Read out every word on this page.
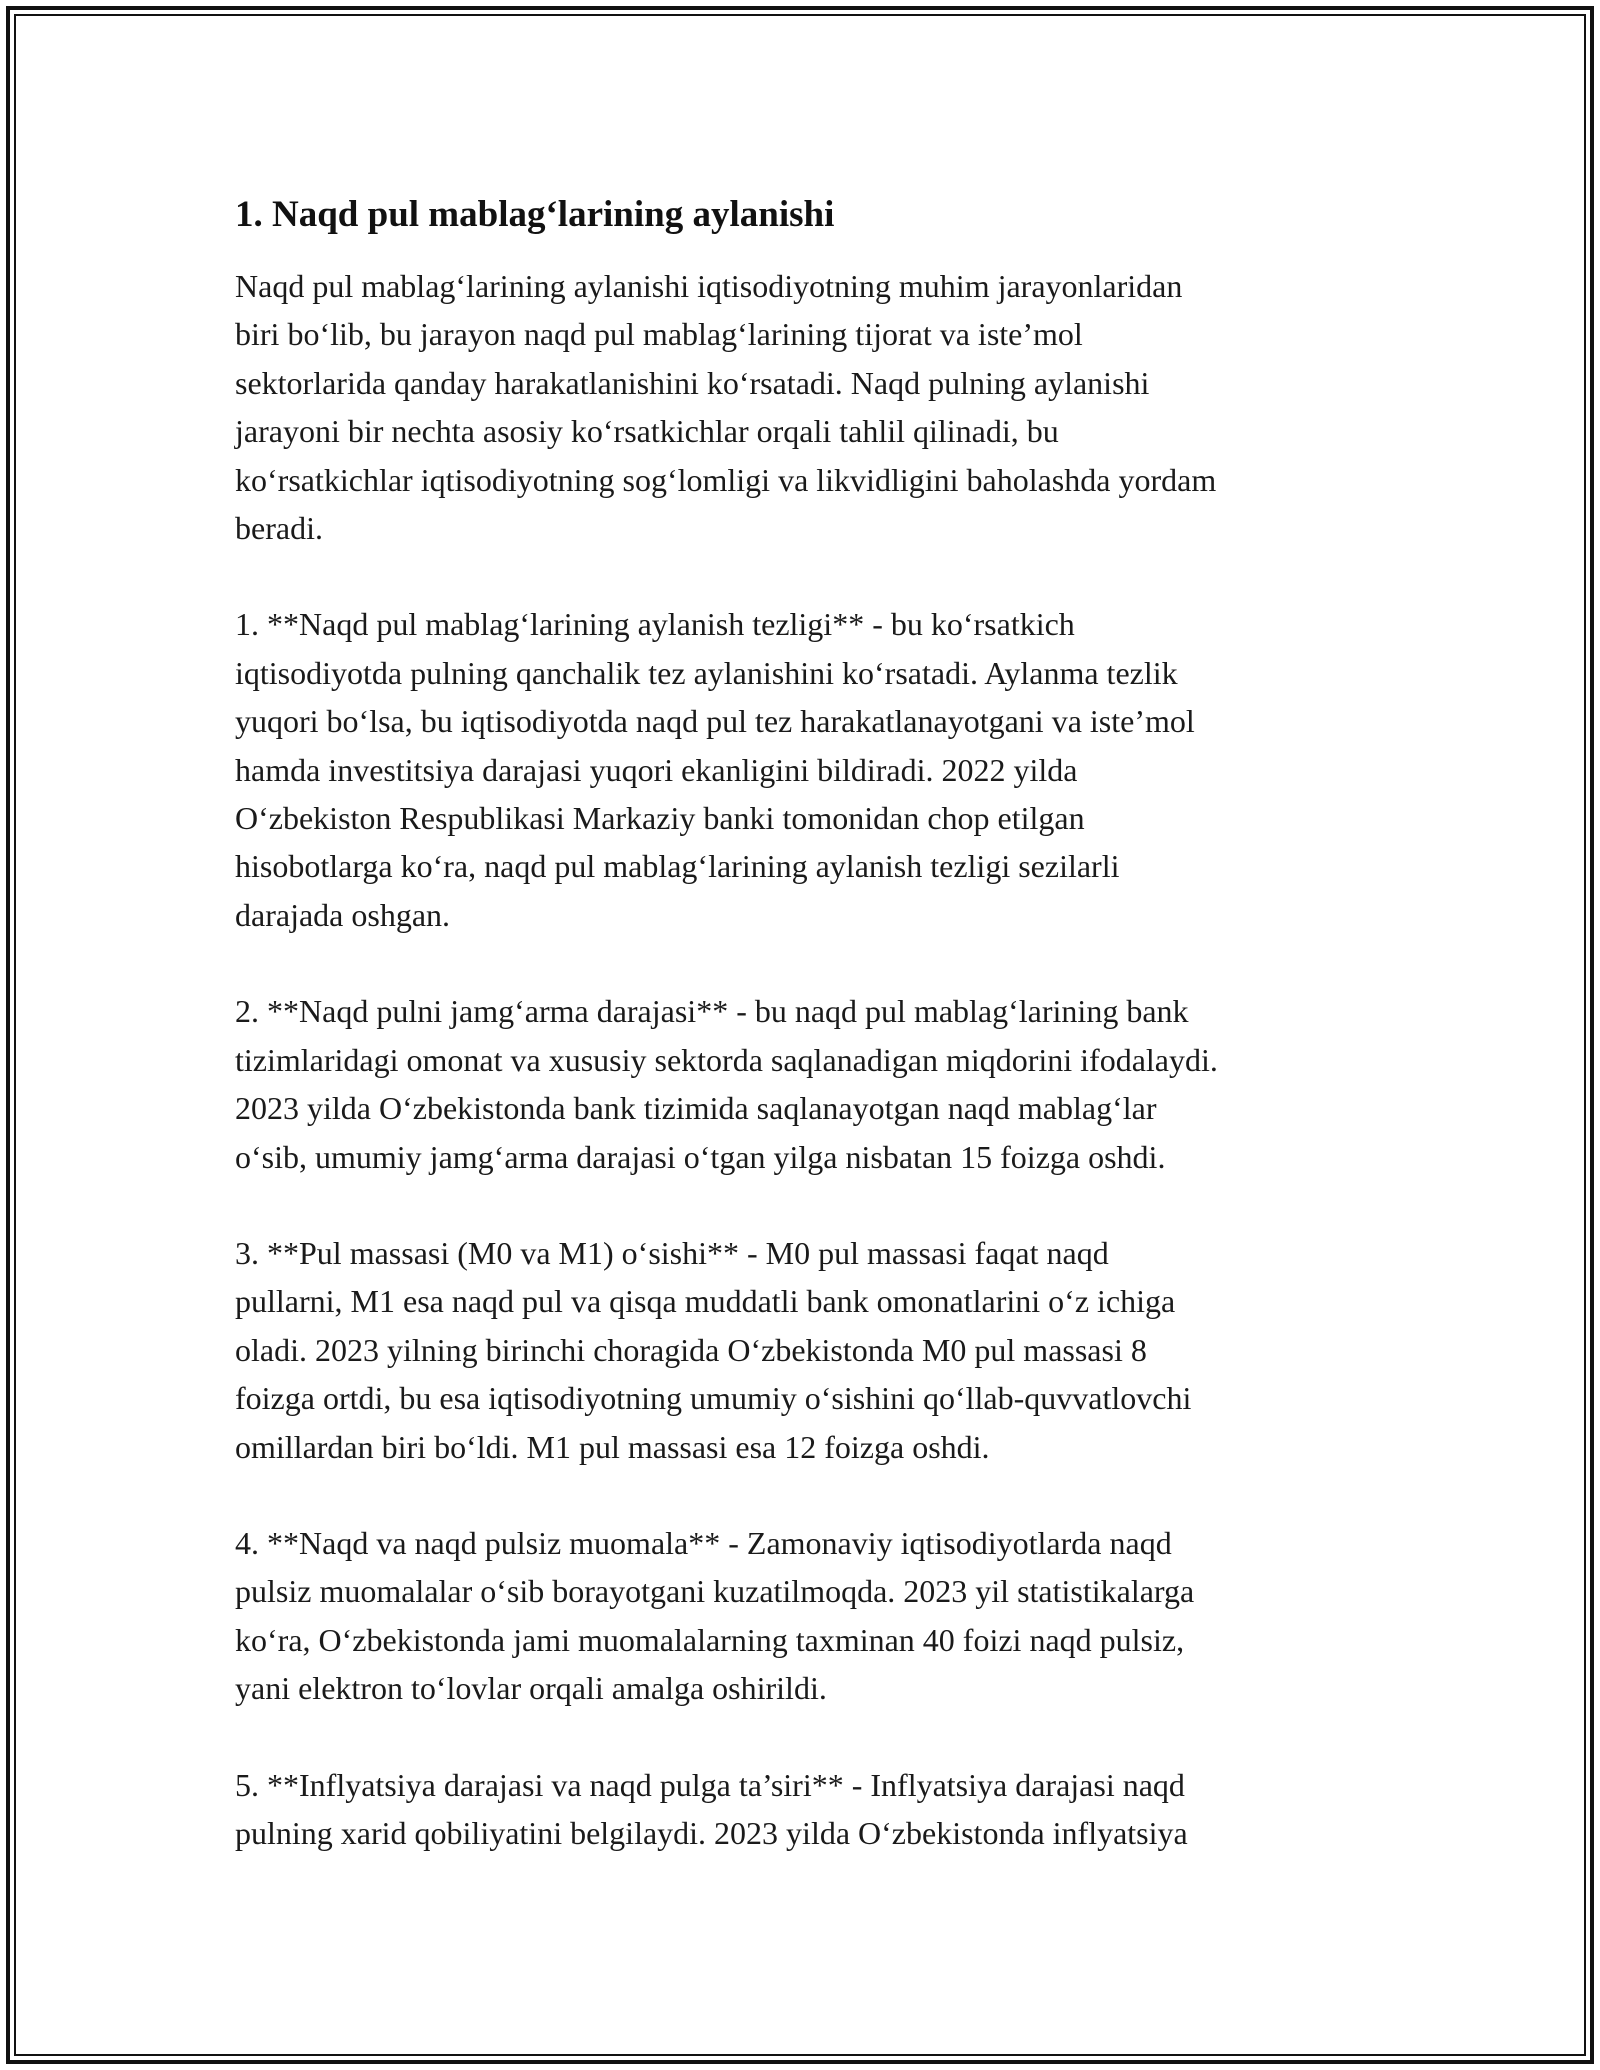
1. Naqd pul mablag‘larining aylanishi

Naqd pul mablag‘larining aylanishi iqtisodiyotning muhim jarayonlaridan
biri bo‘lib, bu jarayon naqd pul mablag‘larining tijorat va iste’mol
sektorlarida qanday harakatlanishini ko‘rsatadi. Naqd pulning aylanishi
jarayoni bir nechta asosiy ko‘rsatkichlar orqali tahlil qilinadi, bu
ko‘rsatkichlar iqtisodiyotning sog‘lomligi va likvidligini baholashda yordam
beradi.

1. **Naqd pul mablag‘larining aylanish tezligi** - bu ko‘rsatkich
iqtisodiyotda pulning qanchalik tez aylanishini ko‘rsatadi. Aylanma tezlik
yuqori bo‘lsa, bu iqtisodiyotda naqd pul tez harakatlanayotgani va iste’mol
hamda investitsiya darajasi yuqori ekanligini bildiradi. 2022 yilda
O‘zbekiston Respublikasi Markaziy banki tomonidan chop etilgan
hisobotlarga ko‘ra, naqd pul mablag‘larining aylanish tezligi sezilarli
darajada oshgan.

2. **Naqd pulni jamg‘arma darajasi** - bu naqd pul mablag‘larining bank
tizimlaridagi omonat va xususiy sektorda saqlanadigan miqdorini ifodalaydi.
2023 yilda O‘zbekistonda bank tizimida saqlanayotgan naqd mablag‘lar
o‘sib, umumiy jamg‘arma darajasi o‘tgan yilga nisbatan 15 foizga oshdi.

3. **Pul massasi (M0 va M1) o‘sishi** - M0 pul massasi faqat naqd
pullarni, M1 esa naqd pul va qisqa muddatli bank omonatlarini o‘z ichiga
oladi. 2023 yilning birinchi choragida O‘zbekistonda M0 pul massasi 8
foizga ortdi, bu esa iqtisodiyotning umumiy o‘sishini qo‘llab-quvvatlovchi
omillardan biri bo‘ldi. M1 pul massasi esa 12 foizga oshdi.

4. **Naqd va naqd pulsiz muomala** - Zamonaviy iqtisodiyotlarda naqd
pulsiz muomalalar o‘sib borayotgani kuzatilmoqda. 2023 yil statistikalarga
ko‘ra, O‘zbekistonda jami muomalalarning taxminan 40 foizi naqd pulsiz,
yani elektron to‘lovlar orqali amalga oshirildi.

5. **Inflyatsiya darajasi va naqd pulga ta’siri** - Inflyatsiya darajasi naqd
pulning xarid qobiliyatini belgilaydi. 2023 yilda O‘zbekistonda inflyatsiya
